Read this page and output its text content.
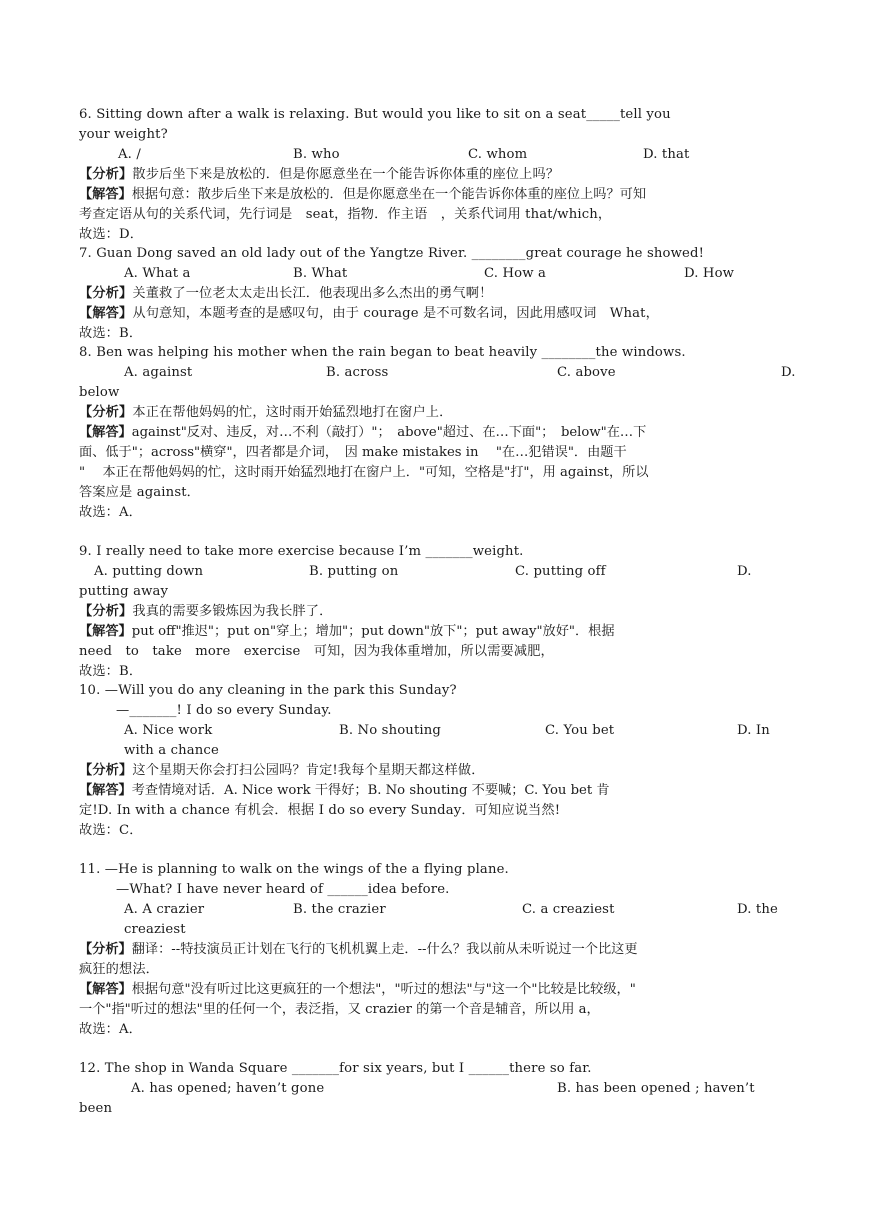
6. Sitting down after a walk is relaxing. But would you like to sit on a seat_____tell you
your weight?
A. /	B. who	C. whom	D. that
【分析】散步后坐下来是放松的．但是你愿意坐在一个能告诉你体重的座位上吗？
【解答】根据句意：散步后坐下来是放松的．但是你愿意坐在一个能告诉你体重的座位上吗？可知
考查定语从句的关系代词，先行词是　seat，指物．作主语　，关系代词用 that/which，
故选：D．
7. Guan Dong saved an old lady out of the Yangtze River. ________great courage he showed!
A. What a	B. What	C. How a	D. How
【分析】关董救了一位老太太走出长江．他表现出多么杰出的勇气啊！
【解答】从句意知，本题考查的是感叹句，由于 courage 是不可数名词，因此用感叹词　What，
故选：B．
8. Ben was helping his mother when the rain began to beat heavily ________the windows.
A. against	B. across	C. above	D.
below
【分析】本正在帮他妈妈的忙，这时雨开始猛烈地打在窗户上．
【解答】against"反对、违反，对…不利（敲打）"；　above"超过、在…下面"；　below"在…下
面、低于"；across"横穿"，四者都是介词，　因 make mistakes in　 "在…犯错误"．由题干
"　 本正在帮他妈妈的忙，这时雨开始猛烈地打在窗户上．"可知，空格是"打"，用 against，所以
答案应是 against．
故选：A．
9. I really need to take more exercise because I’m _______weight.
A. putting down	B. putting on	C. putting off	D.
putting away
【分析】我真的需要多锻炼因为我长胖了．
【解答】put off"推迟"；put on"穿上；增加"；put down"放下"；put away"放好"．根据
need　to　take　more　exercise　可知，因为我体重增加，所以需要减肥，
故选：B．
10. —Will you do any cleaning in the park this Sunday?
—_______! I do so every Sunday.
A. Nice work	B. No shouting	C. You bet	D. In
with a chance
【分析】这个星期天你会打扫公园吗？肯定!我每个星期天都这样做．
【解答】考查情境对话．A. Nice work 干得好；B. No shouting 不要喊；C. You bet 肯
定!D. In with a chance 有机会．根据 I do so every Sunday．可知应说当然!
故选：C．
11. —He is planning to walk on the wings of the a flying plane.
—What? I have never heard of ______idea before.
A. A crazier	B. the crazier	C. a creaziest	D. the
creaziest
【分析】翻译：--特技演员正计划在飞行的飞机机翼上走．--什么？我以前从未听说过一个比这更
疯狂的想法．
【解答】根据句意"没有听过比这更疯狂的一个想法"，"听过的想法"与"这一个"比较是比较级，"
一个"指"听过的想法"里的任何一个，表泛指，又 crazier 的第一个音是辅音，所以用 a，
故选：A．
12. The shop in Wanda Square _______for six years, but I ______there so far.
A. has opened; haven’t gone	B. has been opened ; haven’t
been
